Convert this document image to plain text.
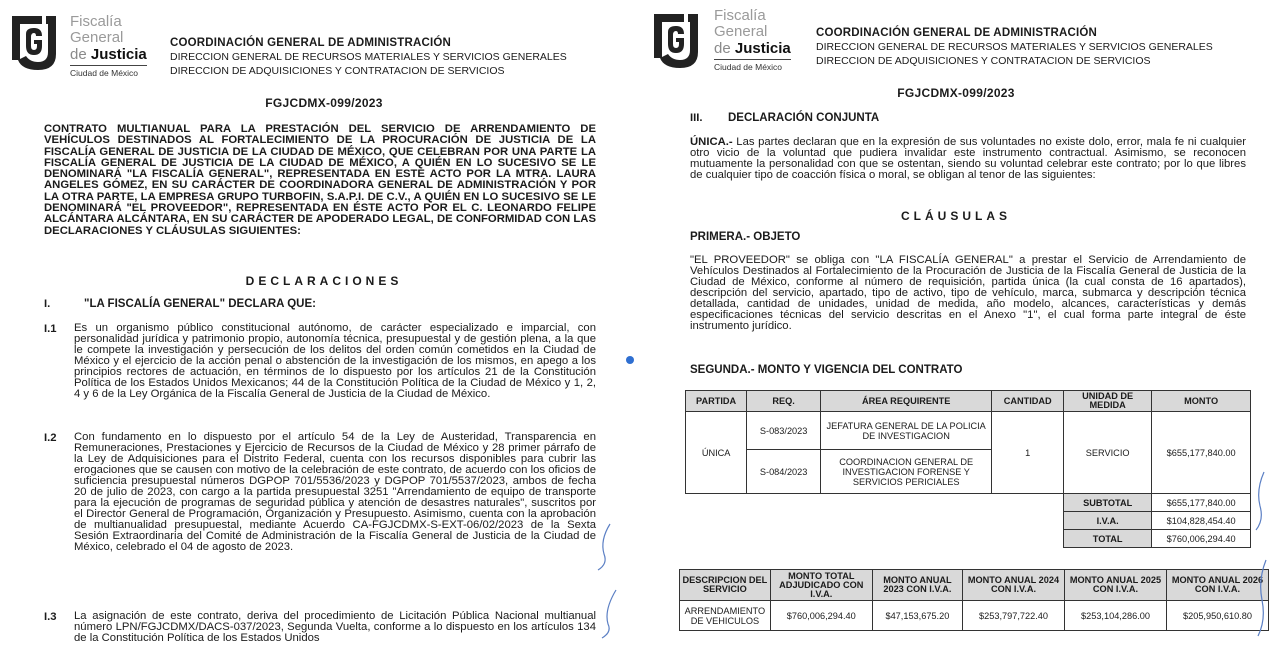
Fiscalía
General
de Justicia
Ciudad de México
COORDINACIÓN GENERAL DE ADMINISTRACIÓN
DIRECCION GENERAL DE RECURSOS MATERIALES Y SERVICIOS GENERALES
DIRECCION DE ADQUISICIONES Y CONTRATACION DE SERVICIOS
FGJCDMX-099/2023
CONTRATO MULTIANUAL PARA LA PRESTACIÓN DEL SERVICIO DE ARRENDAMIENTO DE VEHÍCULOS DESTINADOS AL FORTALECIMIENTO DE LA PROCURACIÓN DE JUSTICIA DE LA FISCALÍA GENERAL DE JUSTICIA DE LA CIUDAD DE MÉXICO, QUE CELEBRAN POR UNA PARTE LA FISCALÍA GENERAL DE JUSTICIA DE LA CIUDAD DE MÉXICO, A QUIÉN EN LO SUCESIVO SE LE DENOMINARÁ "LA FISCALÍA GENERAL", REPRESENTADA EN ESTE ACTO POR LA MTRA. LAURA ANGELES GÓMEZ, EN SU CARÁCTER DE COORDINADORA GENERAL DE ADMINISTRACIÓN Y POR LA OTRA PARTE, LA EMPRESA GRUPO TURBOFIN, S.A.P.I. DE C.V., A QUIÉN EN LO SUCESIVO SE LE DENOMINARÁ "EL PROVEEDOR", REPRESENTADA EN ÉSTE ACTO POR EL C. LEONARDO FELIPE ALCÁNTARA ALCÁNTARA, EN SU CARÁCTER DE APODERADO LEGAL, DE CONFORMIDAD CON LAS DECLARACIONES Y CLÁUSULAS SIGUIENTES:
DECLARACIONES
I.	"LA FISCALÍA GENERAL" DECLARA QUE:
I.1 Es un organismo público constitucional autónomo, de carácter especializado e imparcial, con personalidad jurídica y patrimonio propio, autonomía técnica, presupuestal y de gestión plena, a la que le compete la investigación y persecución de los delitos del orden común cometidos en la Ciudad de México y el ejercicio de la acción penal o abstención de la investigación de los mismos, en apego a los principios rectores de actuación, en términos de lo dispuesto por los artículos 21 de la Constitución Política de los Estados Unidos Mexicanos; 44 de la Constitución Política de la Ciudad de México y 1, 2, 4 y 6 de la Ley Orgánica de la Fiscalía General de Justicia de la Ciudad de México.
I.2 Con fundamento en lo dispuesto por el artículo 54 de la Ley de Austeridad, Transparencia en Remuneraciones, Prestaciones y Ejercicio de Recursos de la Ciudad de México y 28 primer párrafo de la Ley de Adquisiciones para el Distrito Federal, cuenta con los recursos disponibles para cubrir las erogaciones que se causen con motivo de la celebración de este contrato, de acuerdo con los oficios de suficiencia presupuestal números DGPOP 701/5536/2023 y DGPOP 701/5537/2023, ambos de fecha 20 de julio de 2023, con cargo a la partida presupuestal 3251 "Arrendamiento de equipo de transporte para la ejecución de programas de seguridad pública y atención de desastres naturales", suscritos por el Director General de Programación, Organización y Presupuesto. Asimismo, cuenta con la aprobación de multianualidad presupuestal, mediante Acuerdo CA-FGJCDMX-S-EXT-06/02/2023 de la Sexta Sesión Extraordinaria del Comité de Administración de la Fiscalía General de Justicia de la Ciudad de México, celebrado el 04 de agosto de 2023.
I.3 La asignación de este contrato, deriva del procedimiento de Licitación Pública Nacional multianual número LPN/FGJCDMX/DACS-037/2023, Segunda Vuelta, conforme a lo dispuesto en los artículos 134 de la Constitución Política de los Estados Unidos
Fiscalía
General
de Justicia
Ciudad de México
COORDINACIÓN GENERAL DE ADMINISTRACIÓN
DIRECCION GENERAL DE RECURSOS MATERIALES Y SERVICIOS GENERALES
DIRECCION DE ADQUISICIONES Y CONTRATACION DE SERVICIOS
FGJCDMX-099/2023
III. DECLARACIÓN CONJUNTA
ÚNICA.- Las partes declaran que en la expresión de sus voluntades no existe dolo, error, mala fe ni cualquier otro vicio de la voluntad que pudiera invalidar este instrumento contractual. Asimismo, se reconocen mutuamente la personalidad con que se ostentan, siendo su voluntad celebrar este contrato; por lo que libres de cualquier tipo de coacción física o moral, se obligan al tenor de las siguientes:
CLÁUSULAS
PRIMERA.- OBJETO
"EL PROVEEDOR" se obliga con "LA FISCALÍA GENERAL" a prestar el Servicio de Arrendamiento de Vehículos Destinados al Fortalecimiento de la Procuración de Justicia de la Fiscalía General de Justicia de la Ciudad de México, conforme al número de requisición, partida única (la cual consta de 16 apartados), descripción del servicio, apartado, tipo de activo, tipo de vehículo, marca, submarca y descripción técnica detallada, cantidad de unidades, unidad de medida, año modelo, alcances, características y demás especificaciones técnicas del servicio descritas en el Anexo "1", el cual forma parte integral de éste instrumento jurídico.
SEGUNDA.- MONTO Y VIGENCIA DEL CONTRATO
PARTIDA	REQ.	ÁREA REQUIRENTE	CANTIDAD	UNIDAD DE MEDIDA	MONTO
ÚNICA	S-083/2023	JEFATURA GENERAL DE LA POLICIA DE INVESTIGACION	1	SERVICIO	$655,177,840.00
	S-084/2023	COORDINACION GENERAL DE INVESTIGACION FORENSE Y SERVICIOS PERICIALES			
				SUBTOTAL	$655,177,840.00
				I.V.A.	$104,828,454.40
				TOTAL	$760,006,294.40
DESCRIPCION DEL SERVICIO	MONTO TOTAL ADJUDICADO CON I.V.A.	MONTO ANUAL 2023 CON I.V.A.	MONTO ANUAL 2024 CON I.V.A.	MONTO ANUAL 2025 CON I.V.A.	MONTO ANUAL 2026 CON I.V.A.
ARRENDAMIENTO DE VEHICULOS	$760,006,294.40	$47,153,675.20	$253,797,722.40	$253,104,286.00	$205,950,610.80
